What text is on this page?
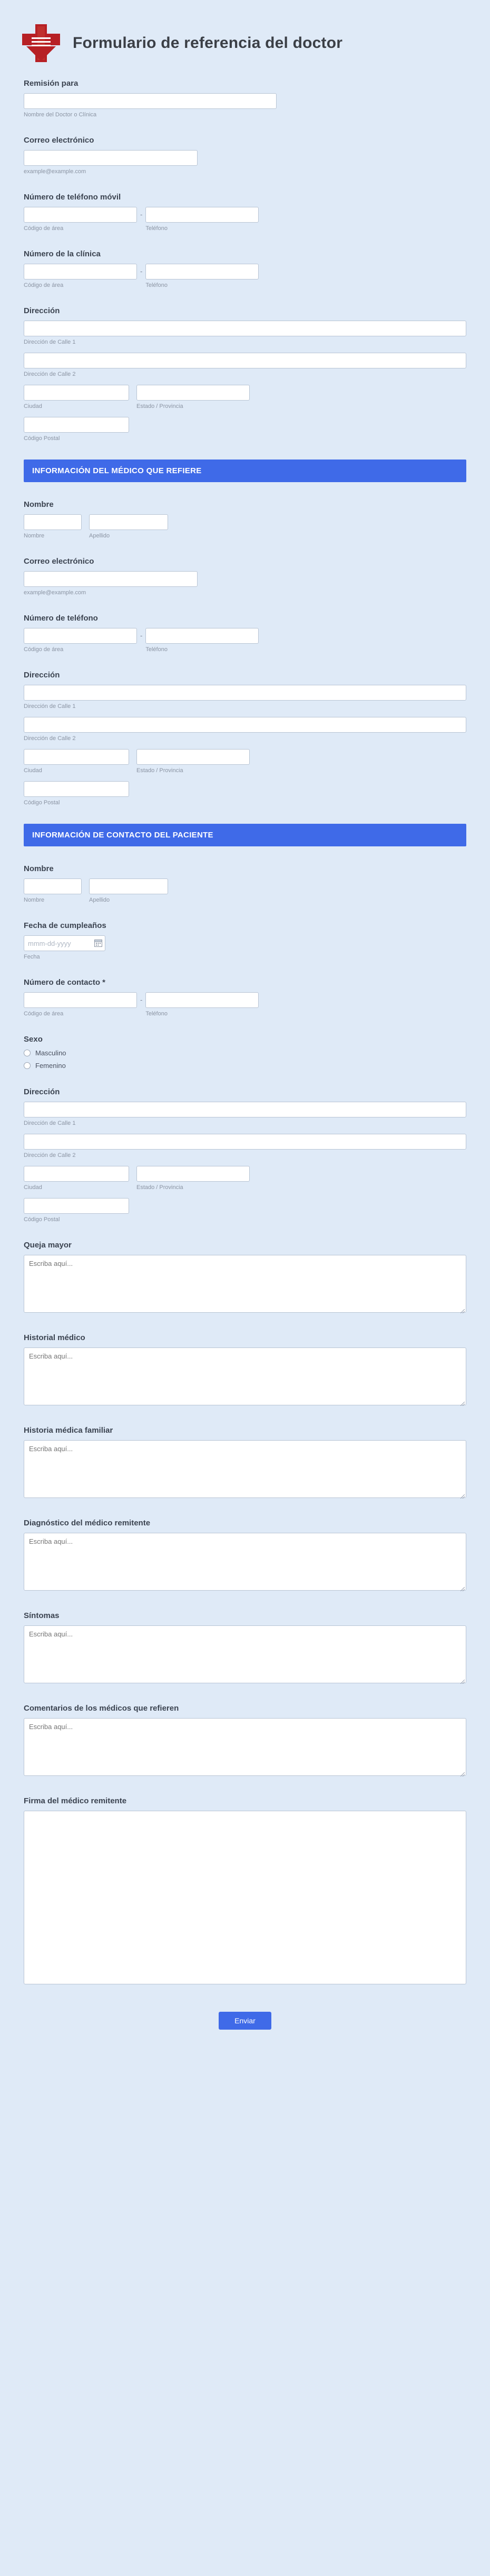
Formulario de referencia del doctor
Remisión para
Nombre del Doctor o Clínica
Correo electrónico
example@example.com
Número de teléfono móvil
Código de área
-
Teléfono
Número de la clínica
Código de área
-
Teléfono
Dirección
Dirección de Calle 1
Dirección de Calle 2
Ciudad	Estado / Provincia
Código Postal
INFORMACIÓN DEL MÉDICO QUE REFIERE
Nombre
Nombre	Apellido
Correo electrónico
example@example.com
Número de teléfono
Código de área
-
Teléfono
Dirección
Dirección de Calle 1
Dirección de Calle 2
Ciudad	Estado / Provincia
Código Postal
INFORMACIÓN DE CONTACTO DEL PACIENTE
Nombre
Nombre	Apellido
Fecha de cumpleaños
mmm-dd-yyyy
Fecha
Número de contacto *
Código de área
-
Teléfono
Sexo
Masculino
Femenino
Dirección
Dirección de Calle 1
Dirección de Calle 2
Ciudad	Estado / Provincia
Código Postal
Queja mayor
Escriba aquí...
Historial médico
Escriba aquí...
Historia médica familiar
Escriba aquí...
Diagnóstico del médico remitente
Escriba aquí...
Síntomas
Escriba aquí...
Comentarios de los médicos que refieren
Escriba aquí...
Firma del médico remitente
Enviar
